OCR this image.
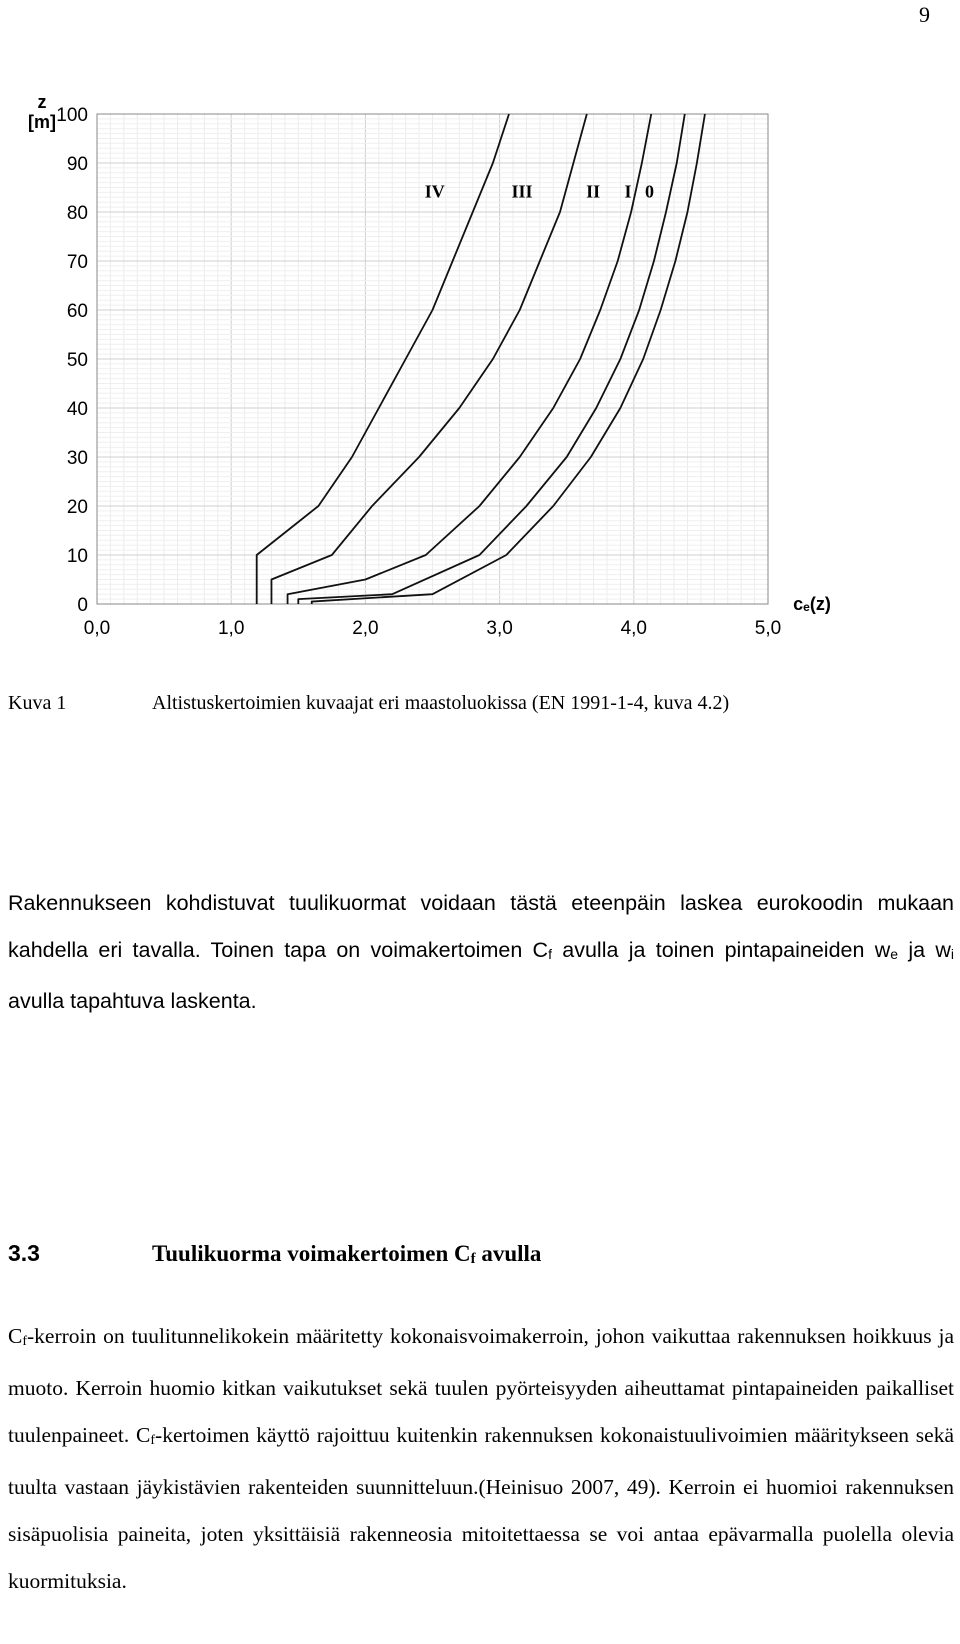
9
0
10
20
30
40
50
60
70
80
90
100
0,0	1,0	2,0	3,0	4,0	5,0
z
[m]
cₑ(z)
IV	III	II I 0
Kuva 1	Altistuskertoimien kuvaajat eri maastoluokissa (EN 1991-1-4, kuva 4.2)
Rakennukseen kohdistuvat tuulikuormat voidaan tästä eteenpäin laskea eurokoodin mukaan kahdella eri tavalla. Toinen tapa on voimakertoimen $C_f$ avulla ja toinen pintapaineiden $w_e$ ja $w_i$ avulla tapahtuva laskenta.
3.3	Tuulikuorma voimakertoimen $C_f$ avulla
$C_f$-kerroin on tuulitunnelikokein määritetty kokonaisvoimakerroin, johon vaikuttaa rakennuksen hoikkuus ja muoto. Kerroin huomio kitkan vaikutukset sekä tuulen pyörteisyyden aiheuttamat pintapaineiden paikalliset tuulenpaineet. $C_f$-kertoimen käyttö rajoittuu kuitenkin rakennuksen kokonaistuulivoimien määritykseen sekä tuulta vastaan jäykistävien rakenteiden suunnitteluun.(Heinisuo 2007, 49). Kerroin ei huomioi rakennuksen sisäpuolisia paineita, joten yksittäisiä rakenneosia mitoitettaessa se voi antaa epävarmalla puolella olevia kuormituksia.
